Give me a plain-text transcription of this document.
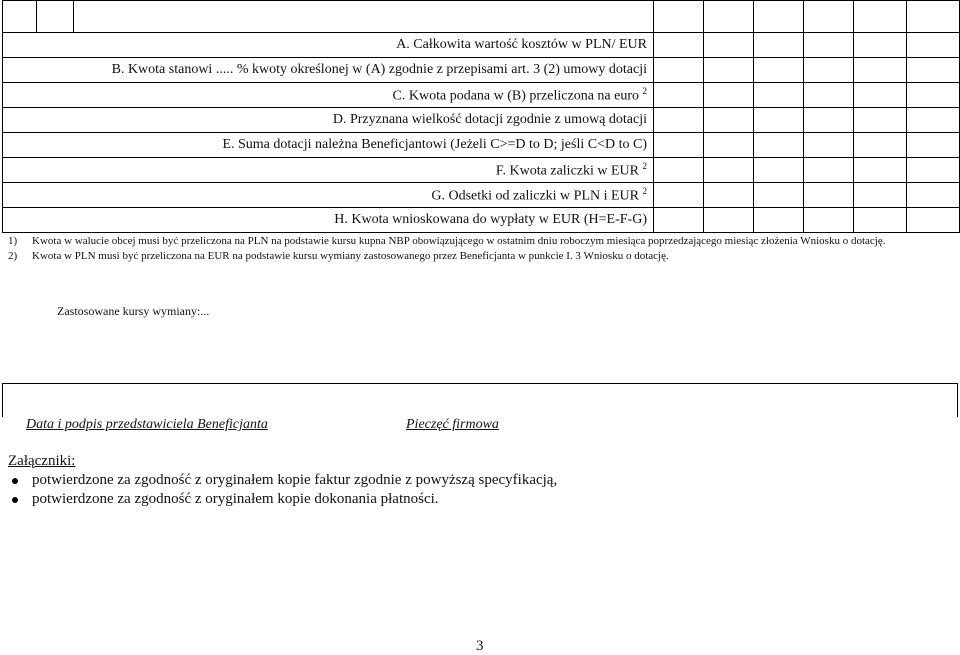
A. Całkowita wartość kosztów w PLN/ EUR								
B. Kwota stanowi ..... % kwoty określonej w (A) zgodnie z przepisami art. 3 (2) umowy dotacji								
C. Kwota podana w (B) przeliczona na euro $^2$						
D. Przyznana wielkość dotacji zgodnie z umową dotacji								
E. Suma dotacji należna Beneficjantowi (Jeżeli C>=D to D; jeśli C<D to C)								
F. Kwota zaliczki w EUR $^2$						
G. Odsetki od zaliczki w PLN i EUR $^2$						
H. Kwota wnioskowana do wypłaty w EUR (H=E-F-G)								
1)	Kwota w walucie obcej musi być przeliczona na PLN na podstawie kursu kupna NBP obowiązującego w ostatnim dniu roboczym miesiąca poprzedzającego miesiąc złożenia Wniosku o dotację.
2)	Kwota w PLN musi być przeliczona na EUR na podstawie kursu wymiany zastosowanego przez Beneficjanta w punkcie I. 3 Wniosku o dotację.
Zastosowane kursy wymiany:...
Data i podpis przedstawiciela Beneficjanta	Pieczęć firmowa
Załączniki:
potwierdzone za zgodność z oryginałem kopie faktur zgodnie z powyższą specyfikacją,
potwierdzone za zgodność z oryginałem kopie dokonania płatności.
3
